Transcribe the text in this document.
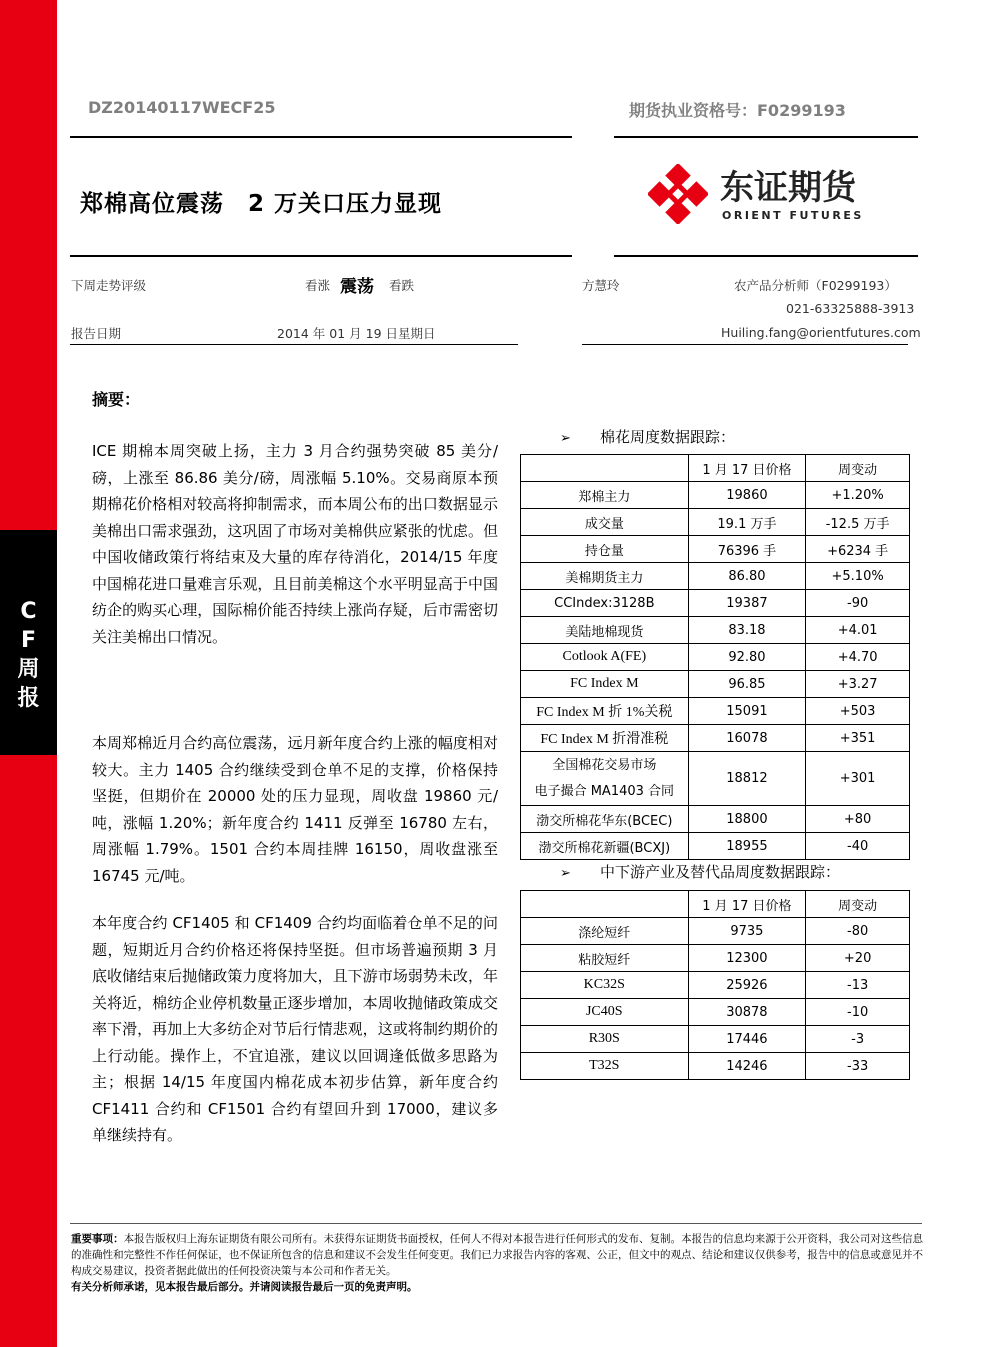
C
F
周
报
DZ20140117WECF25	期货执业资格号：F0299193
郑棉高位震荡　2 万关口压力显现	东证期货
ORIENT FUTURES
下周走势评级	看涨 震荡 看跌	方慧玲	农产品分析师（F0299193）
021-63325888-3913
报告日期	2014 年 01 月 19 日星期日	Huiling.fang@orientfutures.com
摘要：
ICE 期棉本周突破上扬，主力 3 月合约强势突破 85 美分/磅，上涨至 86.86 美分/磅，周涨幅 5.10%。交易商原本预期棉花价格相对较高将抑制需求，而本周公布的出口数据显示美棉出口需求强劲，这巩固了市场对美棉供应紧张的忧虑。但中国收储政策行将结束及大量的库存待消化，2014/15 年度中国棉花进口量难言乐观，且目前美棉这个水平明显高于中国纺企的购买心理，国际棉价能否持续上涨尚存疑，后市需密切关注美棉出口情况。
本周郑棉近月合约高位震荡，远月新年度合约上涨的幅度相对较大。主力 1405 合约继续受到仓单不足的支撑，价格保持坚挺，但期价在 20000 处的压力显现，周收盘 19860 元/吨，涨幅 1.20%；新年度合约 1411 反弹至 16780 左右，周涨幅 1.79%。1501 合约本周挂牌 16150，周收盘涨至 16745 元/吨。
本年度合约 CF1405 和 CF1409 合约均面临着仓单不足的问题，短期近月合约价格还将保持坚挺。但市场普遍预期 3 月底收储结束后抛储政策力度将加大，且下游市场弱势未改，年关将近，棉纺企业停机数量正逐步增加，本周收抛储政策成交率下滑，再加上大多纺企对节后行情悲观，这或将制约期价的上行动能。操作上，不宜追涨，建议以回调逢低做多思路为主；根据 14/15 年度国内棉花成本初步估算，新年度合约 CF1411 合约和 CF1501 合约有望回升到 17000，建议多单继续持有。
➢ 棉花周度数据跟踪：
	1 月 17 日价格	周变动
郑棉主力	19860	+1.20%
成交量	19.1 万手	-12.5 万手
持仓量	76396 手	+6234 手
美棉期货主力	86.80	+5.10%
CCIndex:3128B	19387	-90
美陆地棉现货	83.18	+4.01
Cotlook A(FE)	92.80	+4.70
FC Index M	96.85	+3.27
FC Index M 折 1%关税	15091	+503
FC Index M 折滑准税	16078	+351
全国棉花交易市场
电子撮合 MA1403 合同	18812	+301
渤交所棉花华东(BCEC)	18800	+80
渤交所棉花新疆(BCXJ)	18955	-40
➢ 中下游产业及替代品周度数据跟踪：
	1 月 17 日价格	周变动
涤纶短纤	9735	-80
粘胶短纤	12300	+20
KC32S	25926	-13
JC40S	30878	-10
R30S	17446	-3
T32S	14246	-33
重要事项：本报告版权归上海东证期货有限公司所有。未获得东证期货书面授权，任何人不得对本报告进行任何形式的发布、复制。本报告的信息均来源于公开资料，我公司对这些信息的准确性和完整性不作任何保证，也不保证所包含的信息和建议不会发生任何变更。我们已力求报告内容的客观、公正，但文中的观点、结论和建议仅供参考，报告中的信息或意见并不构成交易建议，投资者据此做出的任何投资决策与本公司和作者无关。
有关分析师承诺，见本报告最后部分。并请阅读报告最后一页的免责声明。
